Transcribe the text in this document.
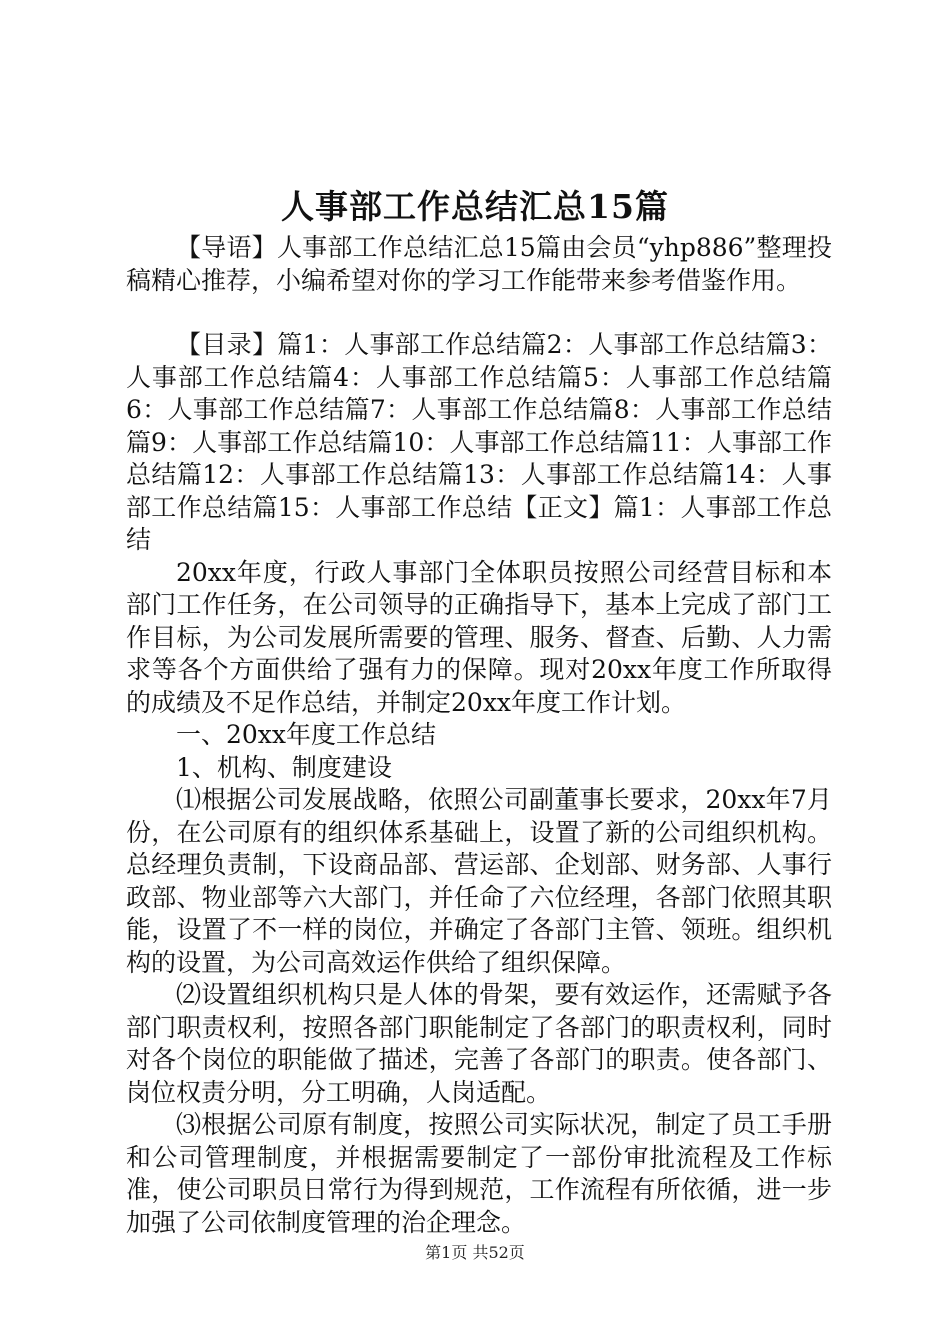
人事部工作总结汇总15篇

【导语】人事部工作总结汇总15篇由会员“yhp886”整理投稿精心推荐，小编希望对你的学习工作能带来参考借鉴作用。

【目录】篇1：人事部工作总结篇2：人事部工作总结篇3：人事部工作总结篇4：人事部工作总结篇5：人事部工作总结篇6：人事部工作总结篇7：人事部工作总结篇8：人事部工作总结篇9：人事部工作总结篇10：人事部工作总结篇11：人事部工作总结篇12：人事部工作总结篇13：人事部工作总结篇14：人事部工作总结篇15：人事部工作总结【正文】篇1：人事部工作总结

20xx年度，行政人事部门全体职员按照公司经营目标和本部门工作任务，在公司领导的正确指导下，基本上完成了部门工作目标，为公司发展所需要的管理、服务、督查、后勤、人力需求等各个方面供给了强有力的保障。现对20xx年度工作所取得的成绩及不足作总结，并制定20xx年度工作计划。

一、20xx年度工作总结

1、机构、制度建设

⑴根据公司发展战略，依照公司副董事长要求，20xx年7月份，在公司原有的组织体系基础上，设置了新的公司组织机构。总经理负责制，下设商品部、营运部、企划部、财务部、人事行政部、物业部等六大部门，并任命了六位经理，各部门依照其职能，设置了不一样的岗位，并确定了各部门主管、领班。组织机构的设置，为公司高效运作供给了组织保障。

⑵设置组织机构只是人体的骨架，要有效运作，还需赋予各部门职责权利，按照各部门职能制定了各部门的职责权利，同时对各个岗位的职能做了描述，完善了各部门的职责。使各部门、岗位权责分明，分工明确，人岗适配。

⑶根据公司原有制度，按照公司实际状况，制定了员工手册和公司管理制度，并根据需要制定了一部份审批流程及工作标准，使公司职员日常行为得到规范，工作流程有所依循，进一步加强了公司依制度管理的治企理念。

第1页 共52页
